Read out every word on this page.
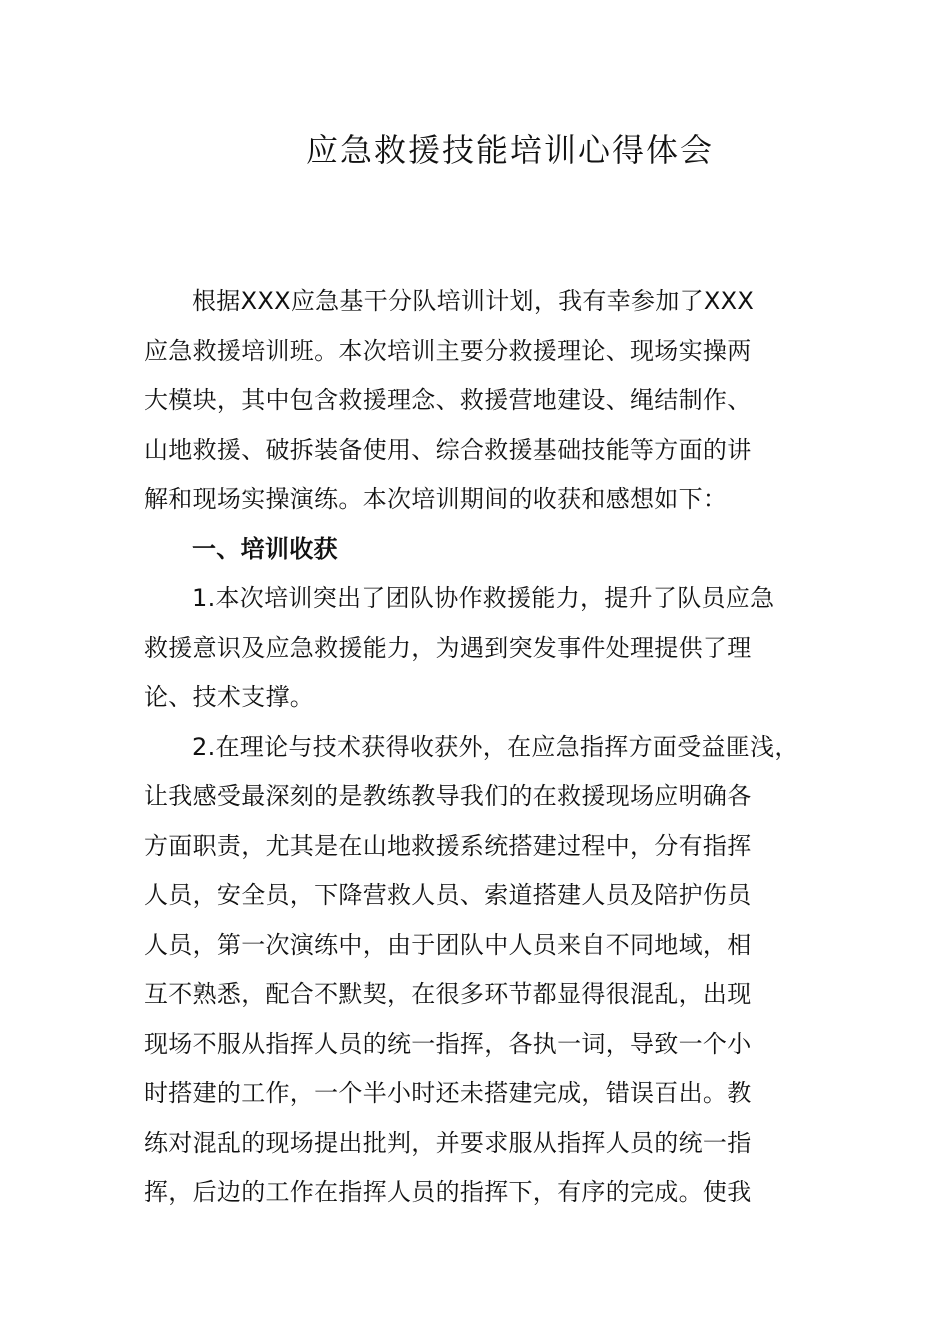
应急救援技能培训心得体会
根据XXX应急基干分队培训计划，我有幸参加了XXX
应急救援培训班。本次培训主要分救援理论、现场实操两
大模块，其中包含救援理念、救援营地建设、绳结制作、
山地救援、破拆装备使用、综合救援基础技能等方面的讲
解和现场实操演练。本次培训期间的收获和感想如下：
一、培训收获
1.本次培训突出了团队协作救援能力，提升了队员应急
救援意识及应急救援能力，为遇到突发事件处理提供了理
论、技术支撑。
2.在理论与技术获得收获外，在应急指挥方面受益匪浅，
让我感受最深刻的是教练教导我们的在救援现场应明确各
方面职责，尤其是在山地救援系统搭建过程中，分有指挥
人员，安全员，下降营救人员、索道搭建人员及陪护伤员
人员，第一次演练中，由于团队中人员来自不同地域，相
互不熟悉，配合不默契，在很多环节都显得很混乱，出现
现场不服从指挥人员的统一指挥，各执一词，导致一个小
时搭建的工作，一个半小时还未搭建完成，错误百出。教
练对混乱的现场提出批判，并要求服从指挥人员的统一指
挥，后边的工作在指挥人员的指挥下，有序的完成。使我
